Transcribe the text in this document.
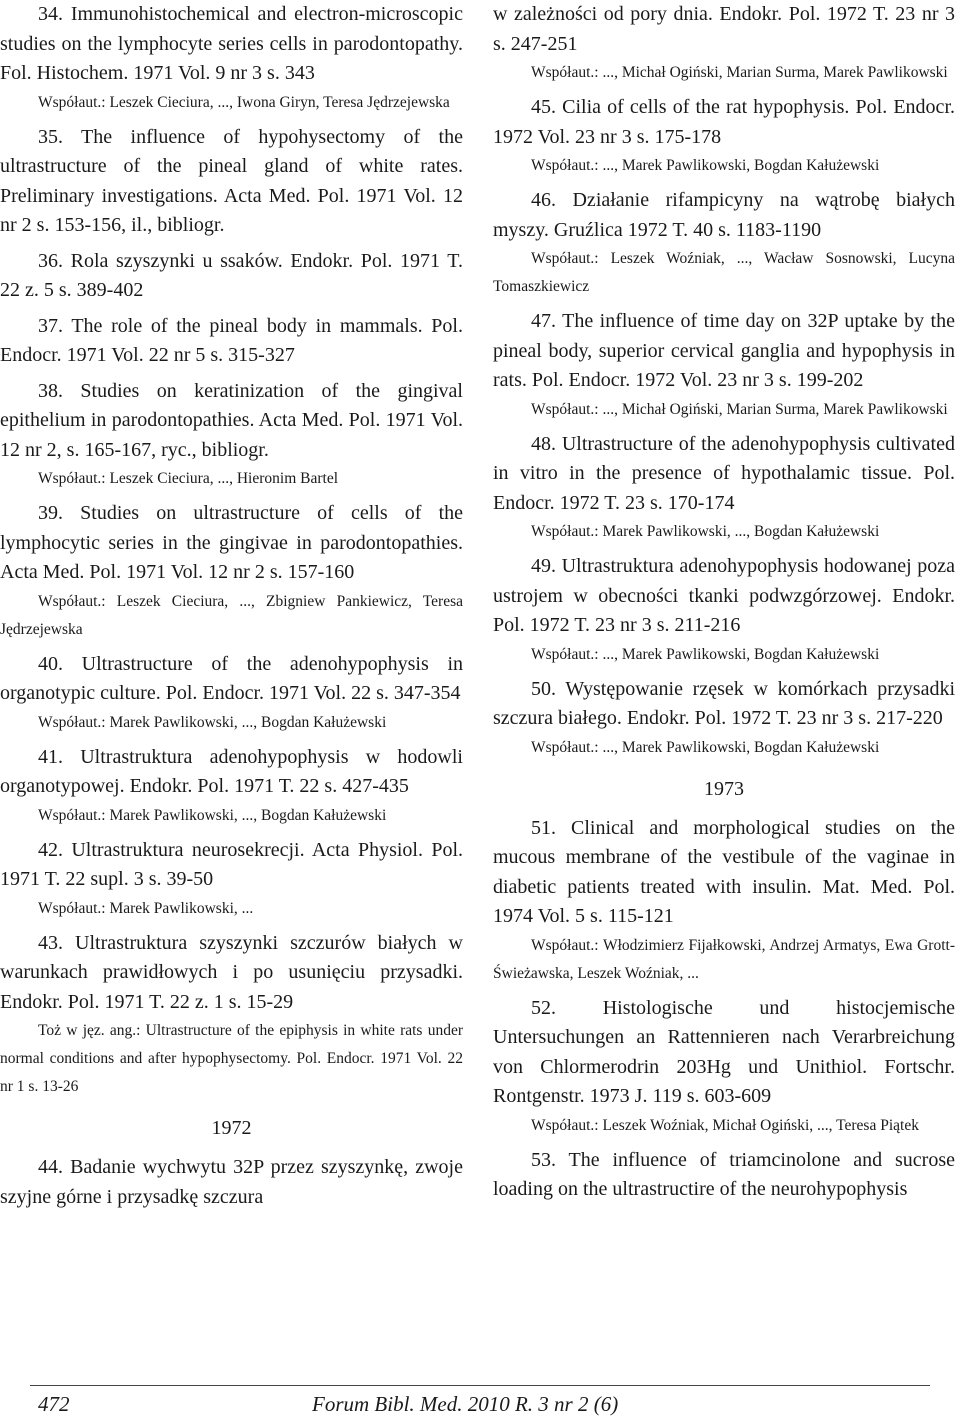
34. Immunohistochemical and electron-microscopic studies on the lymphocyte series cells in parodontopathy. Fol. Histochem. 1971 Vol. 9 nr 3 s. 343

Współaut.: Leszek Cieciura, ..., Iwona Giryn, Teresa Jędrzejewska

35. The influence of hypohysectomy of the ultrastructure of the pineal gland of white rates. Preliminary investigations. Acta Med. Pol. 1971 Vol. 12 nr 2 s. 153-156, il., bibliogr.

36. Rola szyszynki u ssaków. Endokr. Pol. 1971 T. 22 z. 5 s. 389-402

37. The role of the pineal body in mammals. Pol. Endocr. 1971 Vol. 22 nr 5 s. 315-327

38. Studies on keratinization of the gingival epithelium in parodontopathies. Acta Med. Pol. 1971 Vol. 12 nr 2, s. 165-167, ryc., bibliogr.

Współaut.: Leszek Cieciura, ..., Hieronim Bartel

39. Studies on ultrastructure of cells of the lymphocytic series in the gingivae in parodontopathies. Acta Med. Pol. 1971 Vol. 12 nr 2 s. 157-160

Współaut.: Leszek Cieciura, ..., Zbigniew Pankiewicz, Teresa Jędrzejewska

40. Ultrastructure of the adenohypophysis in organotypic culture. Pol. Endocr. 1971 Vol. 22 s. 347-354

Współaut.: Marek Pawlikowski, ..., Bogdan Kałużewski

41. Ultrastruktura adenohypophysis w hodowli organotypowej. Endokr. Pol. 1971 T. 22 s. 427-435

Współaut.: Marek Pawlikowski, ..., Bogdan Kałużewski

42. Ultrastruktura neurosekrecji. Acta Physiol. Pol. 1971 T. 22 supl. 3 s. 39-50

Współaut.: Marek Pawlikowski, ...

43. Ultrastruktura szyszynki szczurów białych w warunkach prawidłowych i po usunięciu przysadki. Endokr. Pol. 1971 T. 22 z. 1 s. 15-29

Toż w jęz. ang.: Ultrastructure of the epiphysis in white rats under normal conditions and after hypophysectomy. Pol. Endocr. 1971 Vol. 22 nr 1 s. 13-26

1972

44. Badanie wychwytu 32P przez szyszynkę, zwoje szyjne górne i przysadkę szczura

w zależności od pory dnia. Endokr. Pol. 1972 T. 23 nr 3 s. 247-251

Współaut.: ..., Michał Ogiński, Marian Surma, Marek Pawlikowski

45. Cilia of cells of the rat hypophysis. Pol. Endocr. 1972 Vol. 23 nr 3 s. 175-178

Współaut.: ..., Marek Pawlikowski, Bogdan Kałużewski

46. Działanie rifampicyny na wątrobę białych myszy. Gruźlica 1972 T. 40 s. 1183-1190

Współaut.: Leszek Woźniak, ..., Wacław Sosnowski, Lucyna Tomaszkiewicz

47. The influence of time day on 32P uptake by the pineal body, superior cervical ganglia and hypophysis in rats. Pol. Endocr. 1972 Vol. 23 nr 3 s. 199-202

Współaut.: ..., Michał Ogiński, Marian Surma, Marek Pawlikowski

48. Ultrastructure of the adenohypophysis cultivated in vitro in the presence of hypothalamic tissue. Pol. Endocr. 1972 T. 23 s. 170-174

Współaut.: Marek Pawlikowski, ..., Bogdan Kałużewski

49. Ultrastruktura adenohypophysis hodowanej poza ustrojem w obecności tkanki podwzgórzowej. Endokr. Pol. 1972 T. 23 nr 3 s. 211-216

Współaut.: ..., Marek Pawlikowski, Bogdan Kałużewski

50. Występowanie rzęsek w komórkach przysadki szczura białego. Endokr. Pol. 1972 T. 23 nr 3 s. 217-220

Współaut.: ..., Marek Pawlikowski, Bogdan Kałużewski

1973

51. Clinical and morphological studies on the mucous membrane of the vestibule of the vaginae in diabetic patients treated with insulin. Mat. Med. Pol. 1974 Vol. 5 s. 115-121

Współaut.: Włodzimierz Fijałkowski, Andrzej Armatys, Ewa Grott-Świeżawska, Leszek Woźniak, ...

52. Histologische und histocjemische Untersuchungen an Rattennieren nach Verarbreichung von Chlormerodrin 203Hg und Unithiol. Fortschr. Rontgenstr. 1973 J. 119 s. 603-609

Współaut.: Leszek Woźniak, Michał Ogiński, ..., Teresa Piątek

53. The influence of triamcinolone and sucrose loading on the ultrastructire of the neurohypophysis

472	Forum Bibl. Med. 2010 R. 3 nr 2 (6)
